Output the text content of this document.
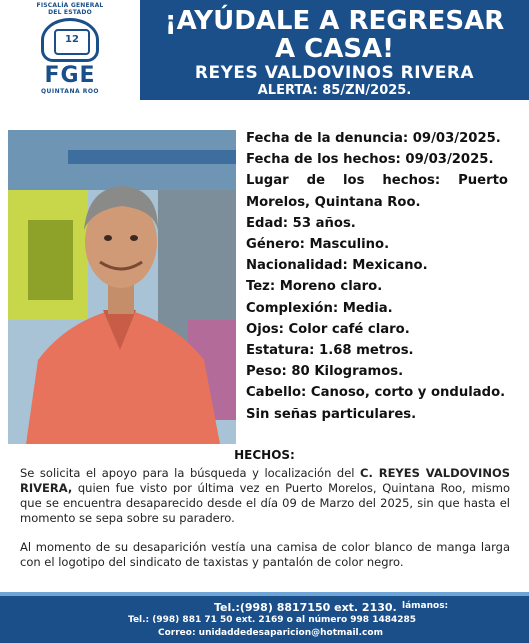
FISCALÍA GENERAL DEL ESTADO
12
FGE
QUINTANA ROO
¡AYÚDALE A REGRESAR
A CASA!
REYES VALDOVINOS RIVERA
ALERTA: 85/ZN/2025.

Fecha de la denuncia: 09/03/2025.

Fecha de los hechos: 09/03/2025.

Lugar de los hechos: Puerto

Morelos, Quintana Roo.

Edad: 53 años.

Género: Masculino.

Nacionalidad: Mexicano.

Tez: Moreno claro.

Complexión: Media.

Ojos: Color café claro.

Estatura: 1.68 metros.

Peso: 80 Kilogramos.

Cabello: Canoso, corto y ondulado.

Sin señas particulares.

HECHOS:
Se solicita el apoyo para la búsqueda y localización del C. REYES VALDOVINOS RIVERA, quien fue visto por última vez en Puerto Morelos, Quintana Roo, mismo que se encuentra desaparecido desde el día 09 de Marzo del 2025, sin que hasta el momento se sepa sobre su paradero.
Al momento de su desaparición vestía una camisa de color blanco de manga larga con el logotipo del sindicato de taxistas y pantalón de color negro.
Tel.:(998) 8817150 ext. 2130. lámanos:
Tel.: (998) 881 71 50 ext. 2169 o al número 998 1484285
Correo: unidaddedesaparicion@hotmail.com
